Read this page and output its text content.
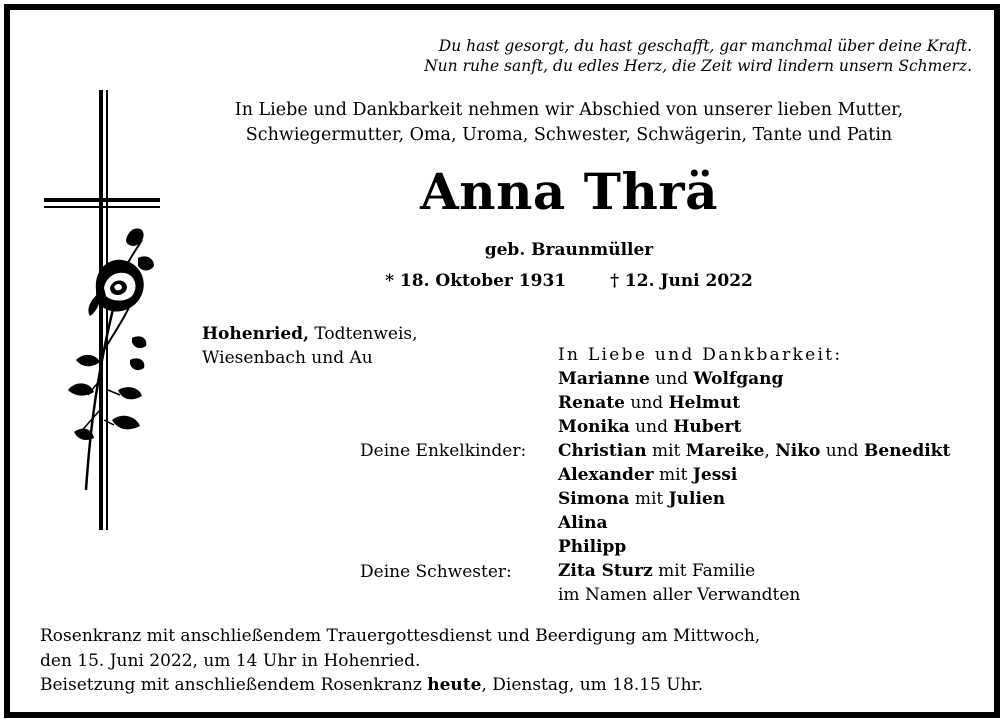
Du hast gesorgt, du hast geschafft, gar manchmal über deine Kraft.
Nun ruhe sanft, du edles Herz, die Zeit wird lindern unsern Schmerz.
In Liebe und Dankbarkeit nehmen wir Abschied von unserer lieben Mutter,
Schwiegermutter, Oma, Uroma, Schwester, Schwägerin, Tante und Patin
Anna Thrä
geb. Braunmüller
* 18. Oktober 1931	† 12. Juni 2022
Hohenried, Todtenweis,
Wiesenbach und Au
Deine Enkelkinder:
Deine Schwester:
In Liebe und Dankbarkeit:
Marianne und Wolfgang
Renate und Helmut
Monika und Hubert
Christian mit Mareike, Niko und Benedikt
Alexander mit Jessi
Simona mit Julien
Alina
Philipp
Zita Sturz mit Familie
im Namen aller Verwandten
Rosenkranz mit anschließendem Trauergottesdienst und Beerdigung am Mittwoch,
den 15. Juni 2022, um 14 Uhr in Hohenried.
Beisetzung mit anschließendem Rosenkranz heute, Dienstag, um 18.15 Uhr.
